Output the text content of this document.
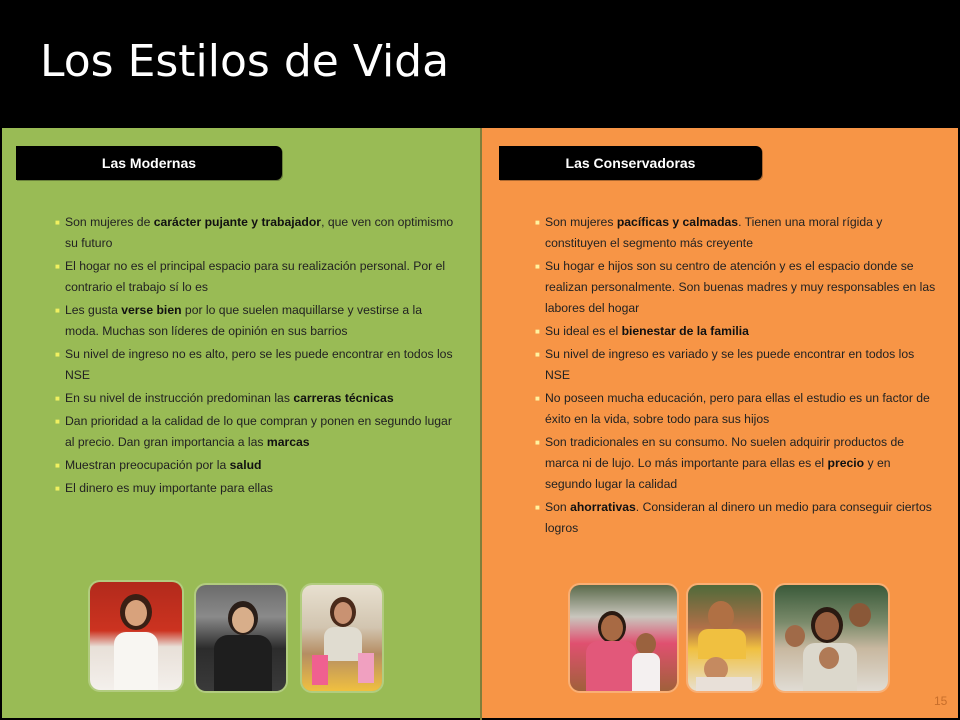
Los Estilos de Vida
Las Modernas	Las Conservadoras
■ Son mujeres de carácter pujante y trabajador, que ven con optimismo su futuro
■ El hogar no es el principal espacio para su realización personal. Por el contrario el trabajo sí lo es
■ Les gusta verse bien por lo que suelen maquillarse y vestirse a la moda. Muchas son líderes de opinión en sus barrios
■ Su nivel de ingreso no es alto, pero se les puede encontrar en todos los NSE
■ En su nivel de instrucción predominan las carreras técnicas
■ Dan prioridad a la calidad de lo que compran y ponen en segundo lugar al precio. Dan gran importancia a las marcas
■ Muestran preocupación por la salud
■ El dinero es muy importante para ellas
■ Son mujeres pacíficas y calmadas. Tienen una moral rígida y constituyen el segmento más creyente
■ Su hogar e hijos son su centro de atención y es el espacio donde se realizan personalmente. Son buenas madres y muy responsables en las labores del hogar
■ Su ideal es el bienestar de la familia
■ Su nivel de ingreso es variado y se les puede encontrar en todos los NSE
■ No poseen mucha educación, pero para ellas el estudio es un factor de éxito en la vida, sobre todo para sus hijos
■ Son tradicionales en su consumo. No suelen adquirir productos de marca ni de lujo. Lo más importante para ellas es el precio y en segundo lugar la calidad
■ Son ahorrativas. Consideran al dinero un medio para conseguir ciertos logros
15
